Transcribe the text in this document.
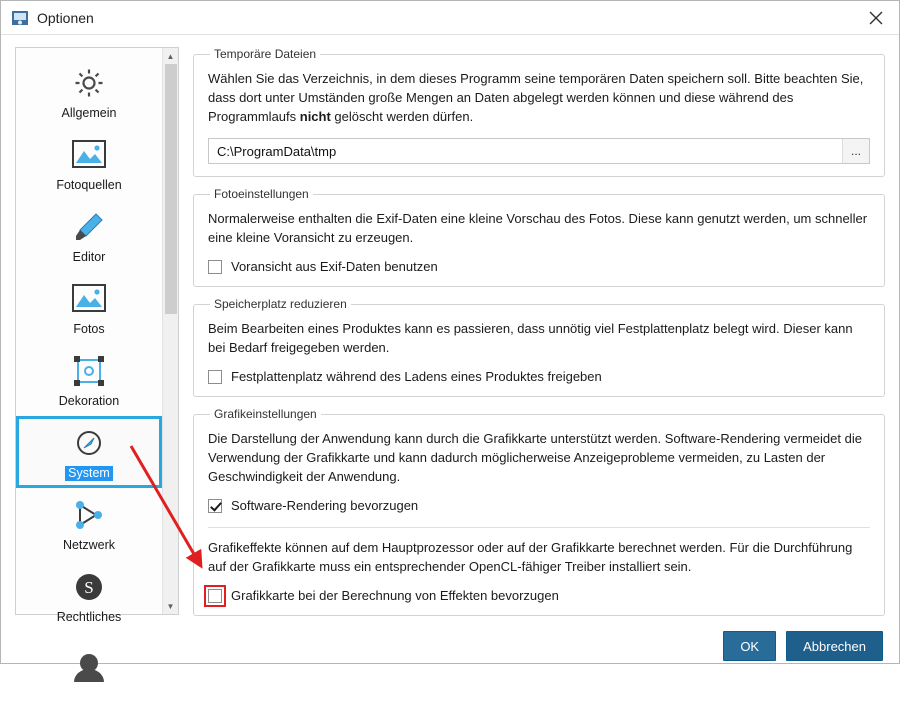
Optionen
Allgemein
Fotoquellen
Editor
Fotos
Dekoration
System
Netzwerk
S
Rechtliches
▲
▼
Temporäre Dateien

Wählen Sie das Verzeichnis, in dem dieses Programm seine temporären Daten speichern soll. Bitte beachten Sie, dass dort unter Umständen große Mengen an Daten abgelegt werden können und diese während des Programmlaufs nicht gelöscht werden dürfen.

C:\ProgramData\tmp
...
Fotoeinstellungen

Normalerweise enthalten die Exif-Daten eine kleine Vorschau des Fotos. Diese kann genutzt werden, um schneller eine kleine Voransicht zu erzeugen.

Voransicht aus Exif-Daten benutzen
Speicherplatz reduzieren

Beim Bearbeiten eines Produktes kann es passieren, dass unnötig viel Festplattenplatz belegt wird. Dieser kann bei Bedarf freigegeben werden.

Festplattenplatz während des Ladens eines Produktes freigeben
Grafikeinstellungen

Die Darstellung der Anwendung kann durch die Grafikkarte unterstützt werden. Software-Rendering vermeidet die Verwendung der Grafikkarte und kann dadurch möglicherweise Anzeigeprobleme vermeiden, zu Lasten der Geschwindigkeit der Anwendung.

Software-Rendering bevorzugen

Grafikeffekte können auf dem Hauptprozessor oder auf der Grafikkarte berechnet werden. Für die Durchführung auf der Grafikkarte muss ein entsprechender OpenCL-fähiger Treiber installiert sein.

Grafikkarte bei der Berechnung von Effekten bevorzugen
OK	Abbrechen
